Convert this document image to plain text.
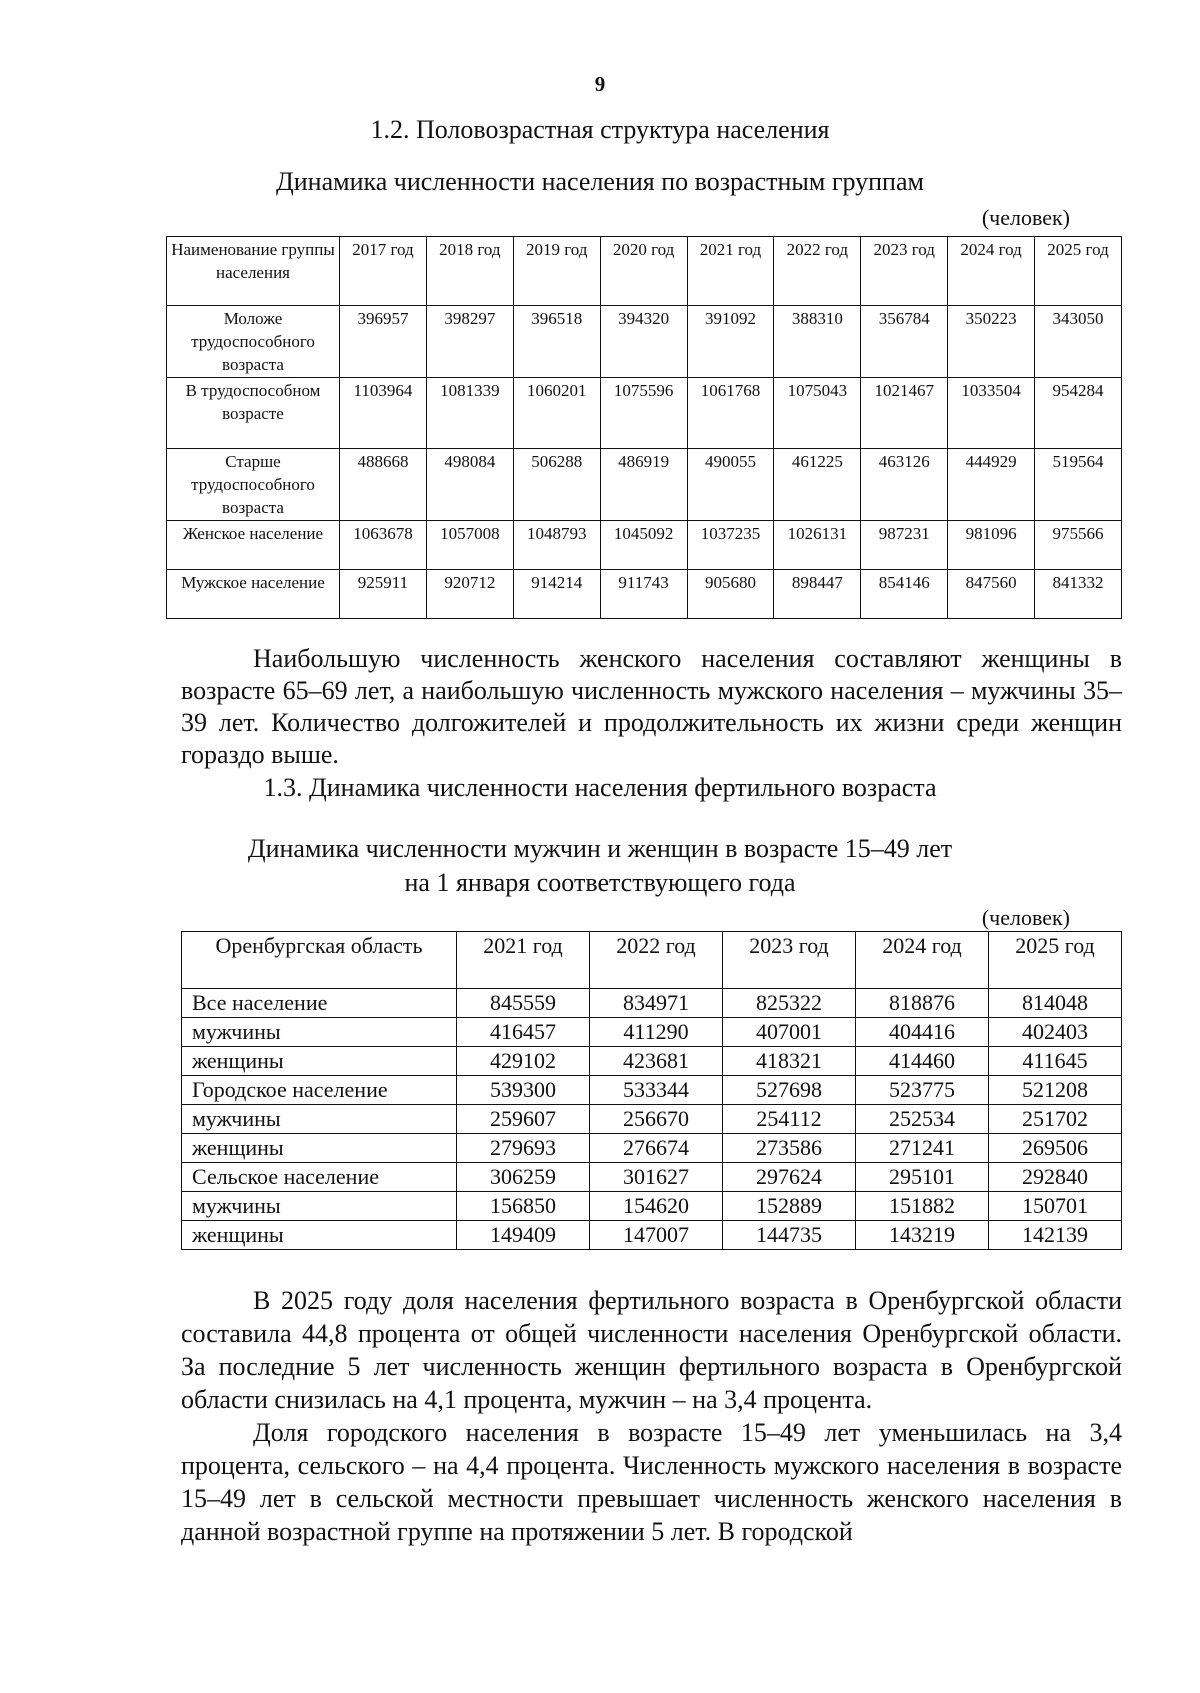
9
1.2. Половозрастная структура населения
Динамика численности населения по возрастным группам
(человек)
Наименование группы населения	2017 год	2018 год	2019 год	2020 год	2021 год	2022 год	2023 год	2024 год	2025 год
Моложе трудоспособного возраста	396957	398297	396518	394320	391092	388310	356784	350223	343050
В трудоспособном возрасте	1103964	1081339	1060201	1075596	1061768	1075043	1021467	1033504	954284
Старше трудоспособного возраста	488668	498084	506288	486919	490055	461225	463126	444929	519564
Женское население	1063678	1057008	1048793	1045092	1037235	1026131	987231	981096	975566
Мужское население	925911	920712	914214	911743	905680	898447	854146	847560	841332

Наибольшую численность женского населения составляют женщины в возрасте 65–69 лет, а наибольшую численность мужского населения – мужчины 35–39 лет. Количество долгожителей и продолжительность их жизни среди женщин гораздо выше.

1.3. Динамика численности населения фертильного возраста
Динамика численности мужчин и женщин в возрасте 15–49 лет
на 1 января соответствующего года
(человек)
Оренбургская область	2021 год	2022 год	2023 год	2024 год	2025 год
Все население	845559	834971	825322	818876	814048
мужчины	416457	411290	407001	404416	402403
женщины	429102	423681	418321	414460	411645
Городское население	539300	533344	527698	523775	521208
мужчины	259607	256670	254112	252534	251702
женщины	279693	276674	273586	271241	269506
Сельское население	306259	301627	297624	295101	292840
мужчины	156850	154620	152889	151882	150701
женщины	149409	147007	144735	143219	142139

В 2025 году доля населения фертильного возраста в Оренбургской области составила 44,8 процента от общей численности населения Оренбургской области. За последние 5 лет численность женщин фертильного возраста в Оренбургской области снизилась на 4,1 процента, мужчин – на 3,4 процента.

Доля городского населения в возрасте 15–49 лет уменьшилась на 3,4 процента, сельского – на 4,4 процента. Численность мужского населения в возрасте 15–49 лет в сельской местности превышает численность женского населения в данной возрастной группе на протяжении 5 лет. В городской
